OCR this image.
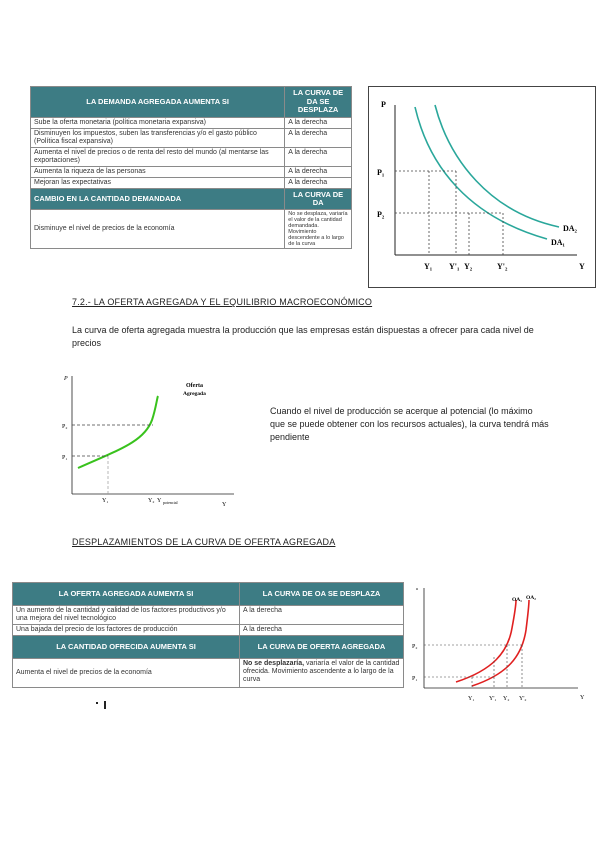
LA DEMANDA AGREGADA AUMENTA SI	LA CURVA DE DA SE DESPLAZA
Sube la oferta monetaria (política monetaria expansiva)	A la derecha
Disminuyen los impuestos, suben las transferencias y/o el gasto público (Política fiscal expansiva)	A la derecha
Aumenta el nivel de precios o de renta del resto del mundo (al mentarse las exportaciones)	A la derecha
Aumenta la riqueza de las personas	A la derecha
Mejoran las expectativas	A la derecha
CAMBIO EN LA CANTIDAD DEMANDADA	LA CURVA DE DA
Disminuye el nivel de precios de la economía	No se desplaza, variaría el valor de la cantidad demandada. Movimiento descendente a lo largo de la curva
P
Y
P₁
P₂
Y₁ Y'₁ Y₂	Y'₂
DA₂
DA₁
7.2.- LA OFERTA AGREGADA Y EL EQUILIBRIO MACROECONÓMICO
La curva de oferta agregada muestra la producción que las empresas están dispuestas a ofrecer para cada nivel de precios
P
Y
P₂
P₁
Y₁	Y₂ Y potencial
Oferta
Agregada
Cuando el nivel de producción se acerque al potencial (lo máximo que se puede obtener con los recursos actuales), la curva tendrá más pendiente
DESPLAZAMIENTOS DE LA CURVA DE OFERTA AGREGADA
LA OFERTA AGREGADA AUMENTA SI	LA CURVA DE OA SE DESPLAZA
Un aumento de la cantidad y calidad de los factores productivos y/o una mejora del nivel tecnológico	A la derecha
Una bajada del precio de los factores de producción	A la derecha
LA CANTIDAD OFRECIDA AUMENTA SI	LA CURVA DE OFERTA AGREGADA
Aumenta el nivel de precios de la economía	No se desplazaría, variaría el valor de la cantidad ofrecida. Movimiento ascendente a lo largo de la curva
Y
P₂
P₁
Y₁ Y'₁ Y₂ Y'₂
OA₁ OA₂
